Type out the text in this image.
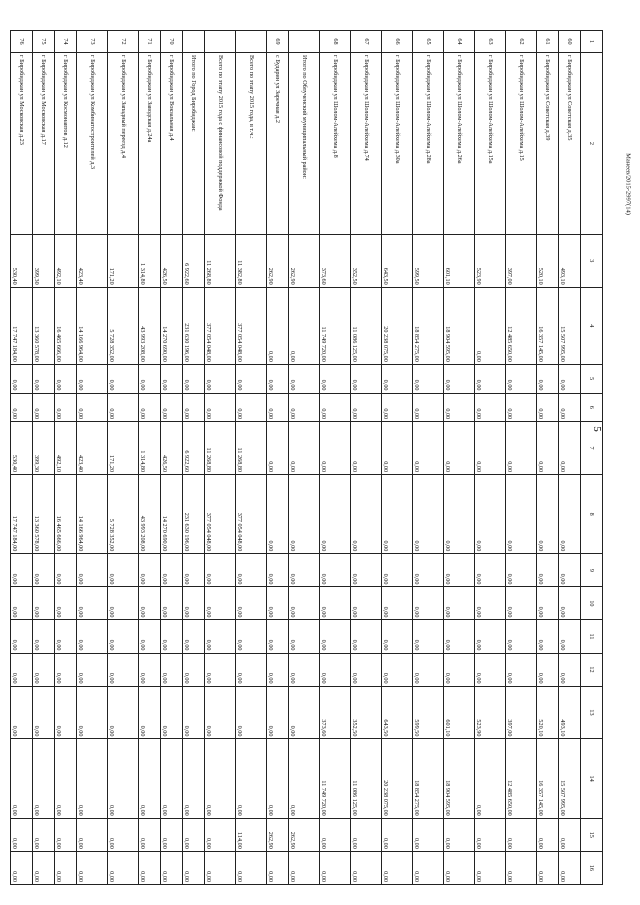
5
Манеев/2015-2997(14)
1	2	3	4	5	6	7	8	9	10	11	12	13	14	15	16
60	г Биробиджан ул Советская д.35	493,10	15 507 995,00	0,00	0,00	0,00	0,00	0,00	0,00	0,00	0,00	493,10	15 507 995,00	0,00	0,00
61	г Биробиджан ул Советская д.39	520,10	16 357 145,00	0,00	0,00	0,00	0,00	0,00	0,00	0,00	0,00	520,10	16 357 145,00	0,00	0,00
62	г Биробиджан ул Шолом-Алейхема д.15	397,00	12 485 650,00	0,00	0,00	0,00	0,00	0,00	0,00	0,00	0,00	397,00	12 485 650,00	0,00	0,00
63	г Биробиджан ул Шолом-Алейхема д.15а	523,90	0,00	0,00	0,00	0,00	0,00	0,00	0,00	0,00	0,00	523,90	0,00	0,00	0,00
64	г Биробиджан ул Шолом-Алейхема д.26а	601,10	18 904 595,00	0,00	0,00	0,00	0,00	0,00	0,00	0,00	0,00	601,10	18 904 595,00	0,00	0,00
65	г Биробиджан ул Шолом-Алейхема д.28а	599,50	18 854 275,00	0,00	0,00	0,00	0,00	0,00	0,00	0,00	0,00	599,50	18 854 275,00	0,00	0,00
66	г Биробиджан ул Шолом-Алейхема д.30а	643,50	20 238 075,00	0,00	0,00	0,00	0,00	0,00	0,00	0,00	0,00	643,50	20 238 075,00	0,00	0,00
67	г Биробиджан ул Шолом-Алейхема д.74	352,50	11 086 125,00	0,00	0,00	0,00	0,00	0,00	0,00	0,00	0,00	352,50	11 086 125,00	0,00	0,00
68	г Биробиджан ул Шолом-Алейхема д.8	373,60	11 749 720,00	0,00	0,00	0,00	0,00	0,00	0,00	0,00	0,00	373,60	11 749 720,00	0,00	0,00
	Итого по Облученский муниципальный район:	262,90	0,00	0,00	0,00	0,00	0,00	0,00	0,00	0,00	0,00	0,00	0,00	262,90	0,00
69	с Бударин ул Заречная д.2	262,90	0,00	0,00	0,00	0,00	0,00	0,00	0,00	0,00	0,00	0,00	0,00	262,90	0,00
	Всего по этапу 2015 года, в т.ч.:	11 382,80	377 054 048,00	0,00	0,00	11 268,80	377 054 048,00	0,00	0,00	0,00	0,00	0,00	0,00	114,00	0,00
	Всего по этапу 2015 года с финансовой поддержкой Фонда	11 268,80	377 054 048,00	0,00	0,00	11 268,80	377 054 048,00	0,00	0,00	0,00	0,00	0,00	0,00	0,00	0,00
	Итого по Город Биробиджан:	6 922,60	231 630 196,00	0,00	0,00	6 922,60	231 630 196,00	0,00	0,00	0,00	0,00	0,00	0,00	0,00	0,00
70	г Биробиджан ул Вокзальная д.4	426,50	14 270 690,00	0,00	0,00	426,50	14 270 690,00	0,00	0,00	0,00	0,00	0,00	0,00	0,00	0,00
71	г Биробиджан ул Заводская д.24а	1 314,80	43 993 208,00	0,00	0,00	1 314,80	43 993 208,00	0,00	0,00	0,00	0,00	0,00	0,00	0,00	0,00
72	г Биробиджан ул Западный переезд д.4	171,20	5 728 352,00	0,00	0,00	171,20	5 728 352,00	0,00	0,00	0,00	0,00	0,00	0,00	0,00	0,00
73	г Биробиджан ул Комбинатостроителей д.3	423,40	14 166 964,00	0,00	0,00	423,40	14 166 964,00	0,00	0,00	0,00	0,00	0,00	0,00	0,00	0,00
74	г Биробиджан ул Космонавтов д.12	492,10	16 465 666,00	0,00	0,00	492,10	16 465 666,00	0,00	0,00	0,00	0,00	0,00	0,00	0,00	0,00
75	г Биробиджан ул Московская д.17	399,30	13 360 578,00	0,00	0,00	399,30	13 360 578,00	0,00	0,00	0,00	0,00	0,00	0,00	0,00	0,00
76	г Биробиджан ул Московская д.23	530,40	17 747 184,00	0,00	0,00	530,40	17 747 184,00	0,00	0,00	0,00	0,00	0,00	0,00	0,00	0,00
